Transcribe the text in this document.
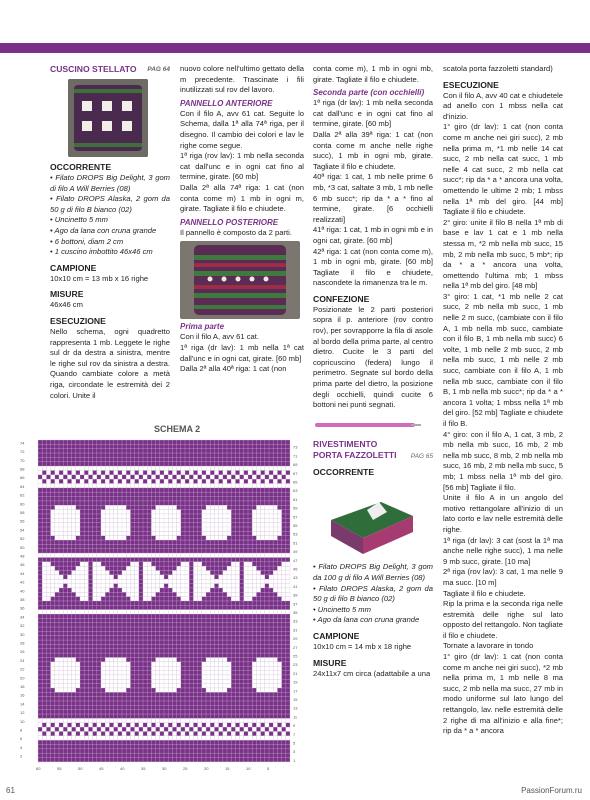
CUSCINO STELLATO PAG 64
OCCORRENTE
• Filato DROPS Big Delight, 3 gom di filo A Will Berries (08)
• Filato DROPS Alaska, 2 gom da 50 g di filo B bianco (02)
• Uncinetto 5 mm
• Ago da lana con cruna grande
• 6 bottoni, diam 2 cm
• 1 cuscino imbottito 46x46 cm
CAMPIONE
10x10 cm = 13 mb x 16 righe
MISURE
46x46 cm
ESECUZIONE
Nello schema, ogni quadretto rappresenta 1 mb. Leggete le righe sul dr da destra a sinistra, mentre le righe sul rov da sinistra a destra. Quando cambiate colore a metà riga, circondate le estremità dei 2 colori. Unite il
nuovo colore nell'ultimo gettato della m precedente. Trascinate i fili inutilizzati sul rov del lavoro.
PANNELLO ANTERIORE
Con il filo A, avv 61 cat. Seguite lo Schema, dalla 1ª alla 74ª riga, per il disegno. Il cambio dei colori e lav le righe come segue.
1ª riga (rov lav): 1 mb nella seconda cat dall'unc e in ogni cat fino al termine, girate. [60 mb]
Dalla 2ª alla 74ª riga: 1 cat (non conta come m) 1 mb in ogni m, girate. Tagliate il filo e chiudete.
PANNELLO POSTERIORE
Il pannello è composto da 2 parti.
Prima parte
Con il filo A, avv 61 cat.
1ª riga (dr lav): 1 mb nella 1ª cat dall'unc e in ogni cat, girate. [60 mb]
Dalla 2ª alla 40ª riga: 1 cat (non
conta come m), 1 mb in ogni mb, girate. Tagliate il filo e chiudete.
Seconda parte (con occhielli)
1ª riga (dr lav): 1 mb nella seconda cat dall'unc e in ogni cat fino al termine, girate. [60 mb]
Dalla 2ª alla 39ª riga: 1 cat (non conta come m anche nelle righe succ), 1 mb in ogni mb, girate. Tagliate il filo e chiudete.
40ª riga: 1 cat, 1 mb nelle prime 6 mb, *3 cat, saltate 3 mb, 1 mb nelle 6 mb succ*; rip da * a * fino al termine, girate. [6 occhielli realizzati]
41ª riga: 1 cat, 1 mb in ogni mb e in ogni cat, girate. [60 mb]
42ª riga: 1 cat (non conta come m), 1 mb in ogni mb, girate. [60 mb] Tagliate il filo e chiudete, nascondete la rimanenza tra le m.
CONFEZIONE
Posizionate le 2 parti posteriori sopra il p. anteriore (rov contro rov), per sovrapporre la fila di asole al bordo della prima parte, al centro dietro. Cucite le 3 parti del copricuscino (federa) lungo il perimetro. Segnate sul bordo della prima parte del dietro, la posizione degli occhielli, quindi cucite 6 bottoni nei punti segnati.
RIVESTIMENTO PORTA FAZZOLETTI	PAG 65
OCCORRENTE
• Filato DROPS Big Delight, 3 gom da 100 g di filo A Will Berries (08)
• Filato DROPS Alaska, 2 gom da 50 g di filo B bianco (02)
• Uncinetto 5 mm
• Ago da lana con cruna grande
CAMPIONE
10x10 cm = 14 mb x 18 righe
MISURE
24x11x7 cm circa (adattabile a una
scatola porta fazzoletti standard)
ESECUZIONE
Con il filo A, avv 40 cat e chiudetele ad anello con 1 mbss nella cat d'inizio.
1° giro (dr lav): 1 cat (non conta come m anche nei giri succ), 2 mb nella prima m, *1 mb nelle 14 cat succ, 2 mb nella cat succ, 1 mb nelle 4 cat succ, 2 mb nella cat succ*; rip da * a * ancora una volta, omettendo le ultime 2 mb; 1 mbss nella 1ª mb del giro. [44 mb] Tagliate il filo e chiudete.
2° giro: unite il filo B nella 1ª mb di base e lav 1 cat e 1 mb nella stessa m, *2 mb nella mb succ, 15 mb, 2 mb nella mb succ, 5 mb*; rip da * a * ancora una volta, omettendo l'ultima mb; 1 mbss nella 1ª mb del giro. [48 mb]
3° giro: 1 cat, *1 mb nelle 2 cat succ, 2 mb nella mb succ, 1 mb nelle 2 m succ, (cambiate con il filo A, 1 mb nella mb succ, cambiate con il filo B, 1 mb nella mb succ) 6 volte, 1 mb nelle 2 mb succ, 2 mb nella mb succ, 1 mb nelle 2 mb succ, cambiate con il filo A, 1 mb nella mb succ, cambiate con il filo B, 1 mb nella mb succ*; rip da * a * ancora 1 volta; 1 mbss nella 1ª mb del giro. [52 mb] Tagliate e chiudete il filo B.
4° giro: con il filo A, 1 cat, 3 mb, 2 mb nella mb succ, 16 mb, 2 mb nella mb succ, 8 mb, 2 mb nella mb succ, 16 mb, 2 mb nella mb succ, 5 mb; 1 mbss nella 1ª mb del giro. [56 mb] Tagliate il filo.
Unite il filo A in un angolo del motivo rettangolare all'inizio di un lato corto e lav nelle estremità delle righe.
1ª riga (dr lav): 3 cat (sost la 1ª ma anche nelle righe succ), 1 ma nelle 9 mb succ, girate. [10 ma]
2ª riga (rov lav): 3 cat, 1 ma nelle 9 ma succ. [10 m]
Tagliate il filo e chiudete.
Rip la prima e la seconda riga nelle estremità delle righe sul lato opposto del rettangolo. Non tagliate il filo e chiudete.
Tornate a lavorare in tondo
1° giro (dr lav): 1 cat (non conta come m anche nei giri succ), *2 mb nella prima m, 1 mb nelle 8 ma succ, 2 mb nella ma succ, 27 mb in modo uniforme sul lato lungo del rettangolo, lav. nelle estremità delle 2 righe di ma all'inizio e alla fine*; rip da * a * ancora
SCHEMA 2
74
72
70
68
66
64
62
60
58
56
54
52
50
48
46
44
42
40
38
36
34
32
30
28
26
24
22
20
18
16
14
12
10
8
6
4
2
73
71
69
67
65
63
61
59
57
55
53
51
49
47
45
43
41
39
37
35
33
31
29
27
25
23
21
19
17
15
13
11
9
7
5
3
1
60	55	50	45	40	35	30	25	20	15	10	5
61	PassionForum.ru
